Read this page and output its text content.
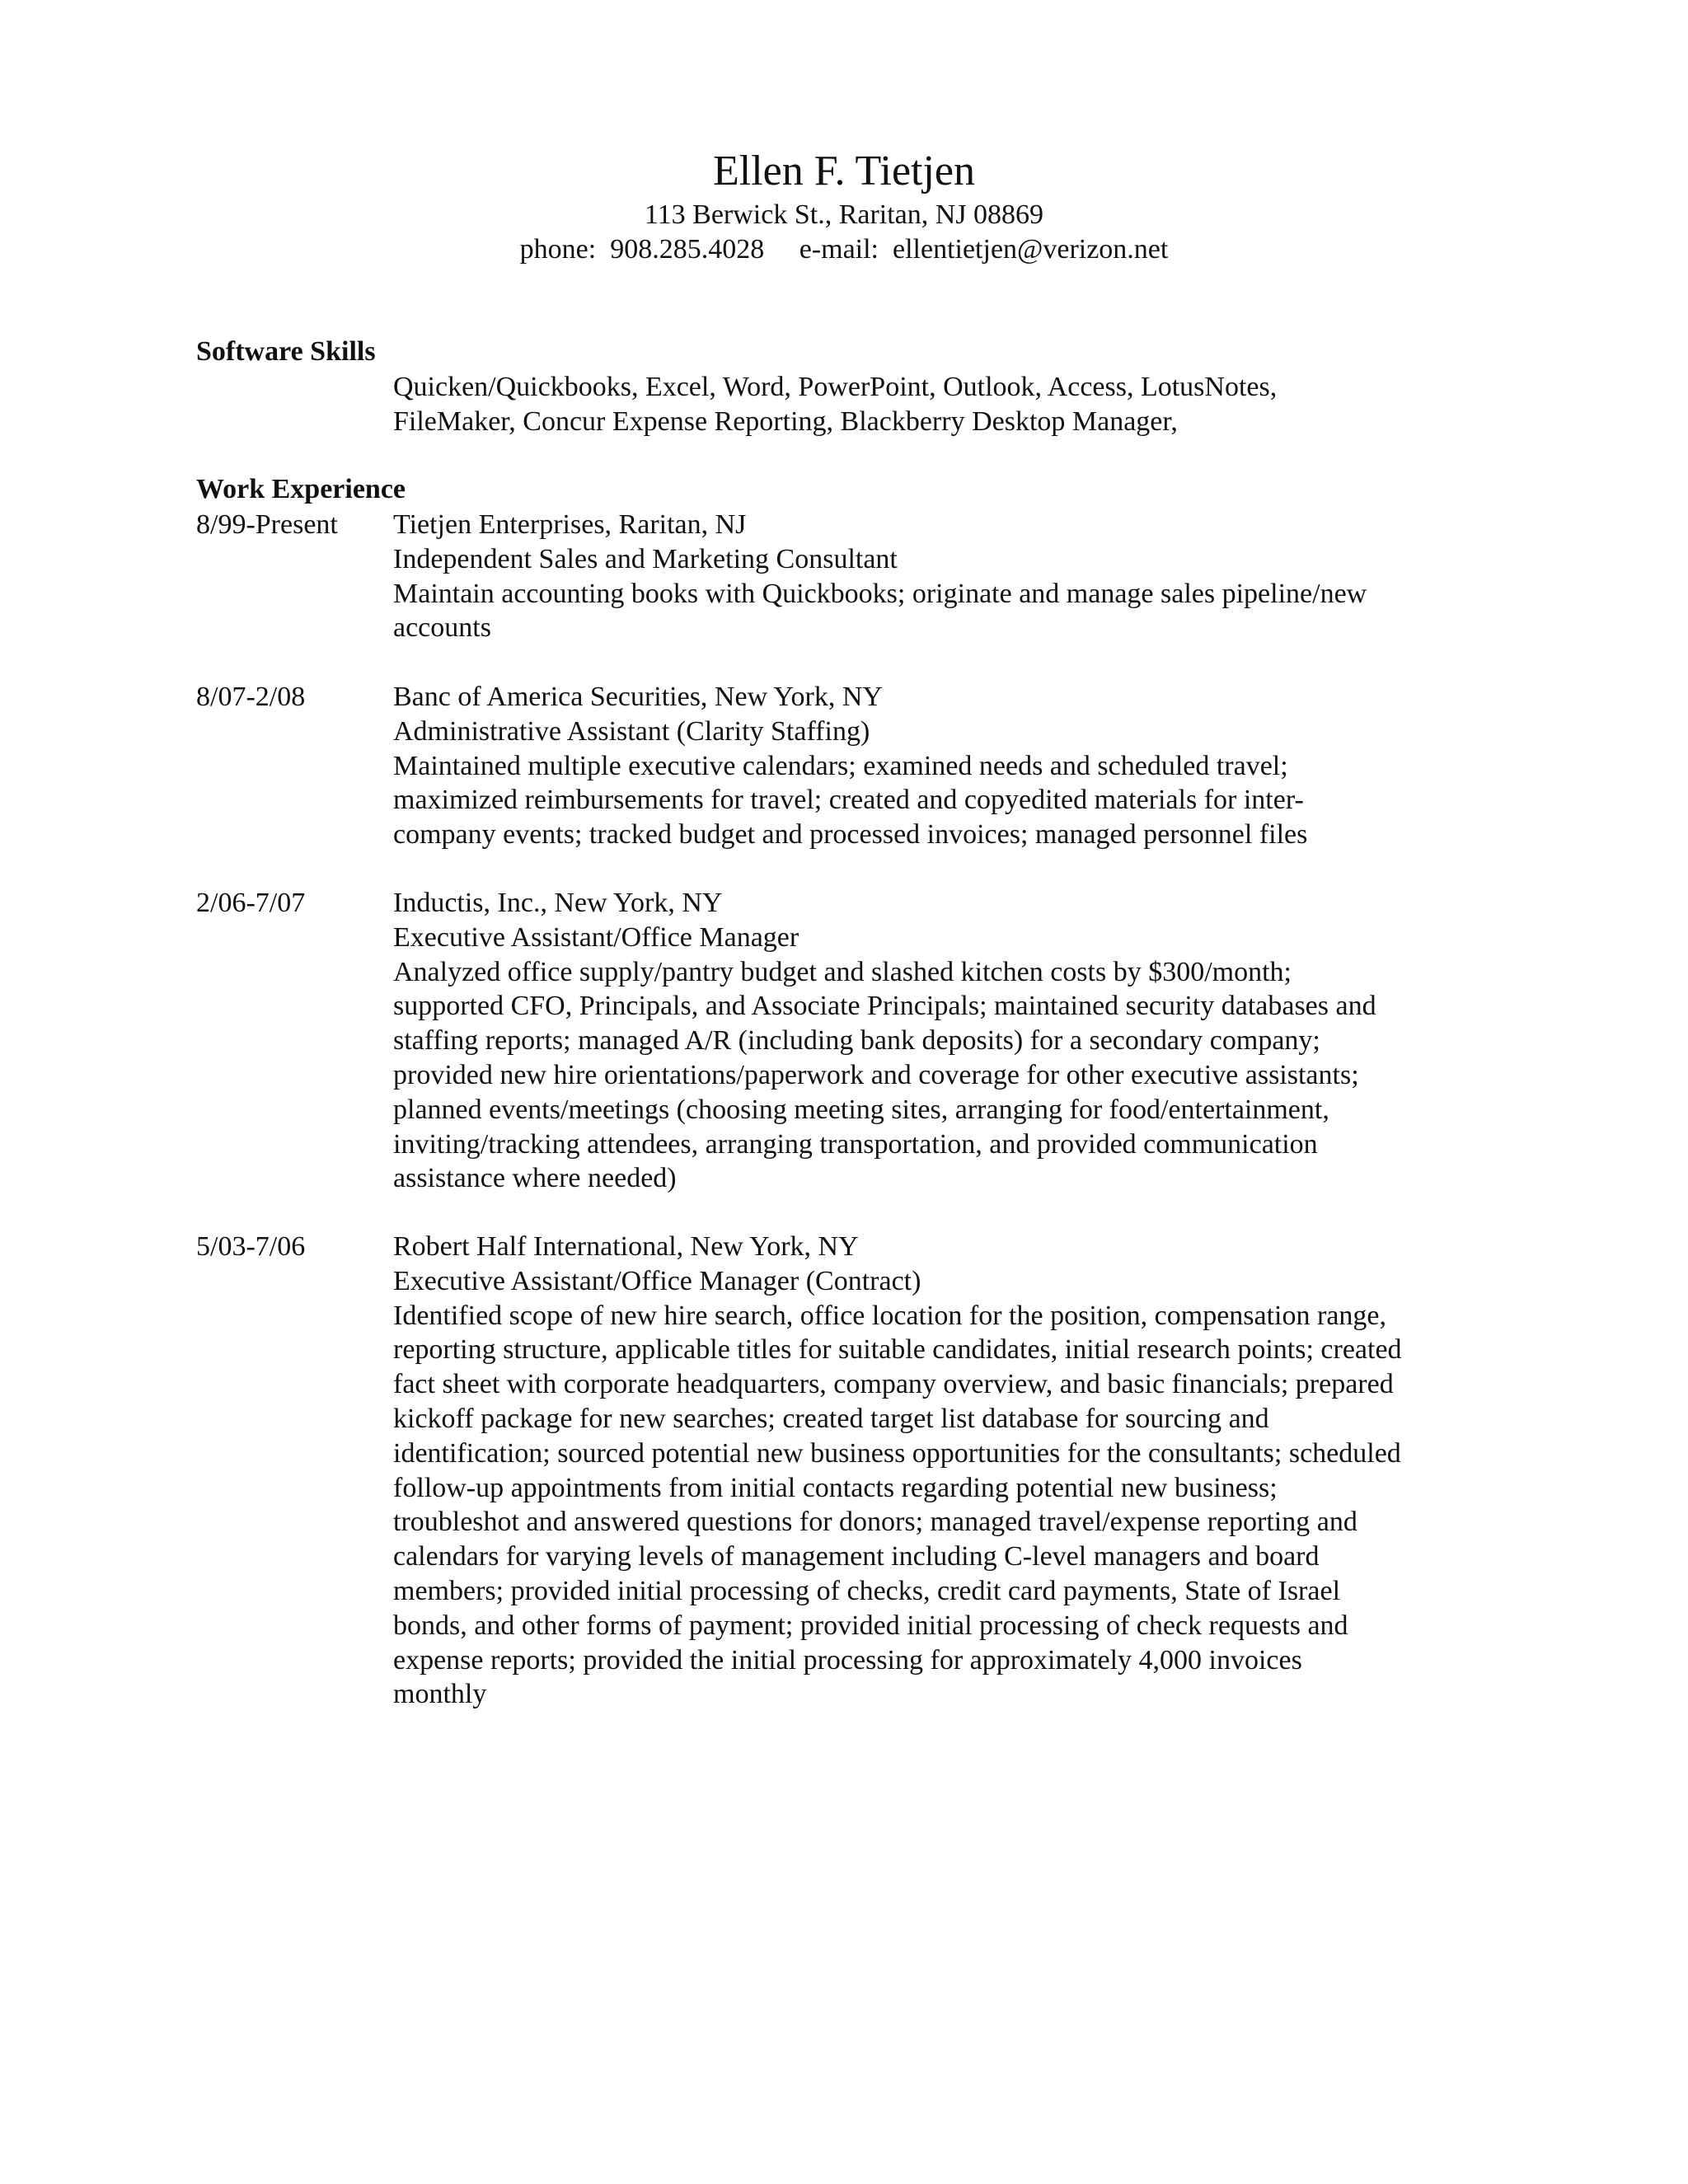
Ellen F. Tietjen
113 Berwick St., Raritan, NJ 08869
phone: 908.285.4028 e-mail: ellentietjen@verizon.net
Software Skills
Quicken/Quickbooks, Excel, Word, PowerPoint, Outlook, Access, LotusNotes,
FileMaker, Concur Expense Reporting, Blackberry Desktop Manager,
Work Experience
8/99-Present Tietjen Enterprises, Raritan, NJ
Independent Sales and Marketing Consultant
Maintain accounting books with Quickbooks; originate and manage sales pipeline/new
accounts
8/07-2/08	Banc of America Securities, New York, NY
Administrative Assistant (Clarity Staffing)
Maintained multiple executive calendars; examined needs and scheduled travel;
maximized reimbursements for travel; created and copyedited materials for inter-
company events; tracked budget and processed invoices; managed personnel files
2/06-7/07	Inductis, Inc., New York, NY
Executive Assistant/Office Manager
Analyzed office supply/pantry budget and slashed kitchen costs by $300/month;
supported CFO, Principals, and Associate Principals; maintained security databases and
staffing reports; managed A/R (including bank deposits) for a secondary company;
provided new hire orientations/paperwork and coverage for other executive assistants;
planned events/meetings (choosing meeting sites, arranging for food/entertainment,
inviting/tracking attendees, arranging transportation, and provided communication
assistance where needed)
5/03-7/06	Robert Half International, New York, NY
Executive Assistant/Office Manager (Contract)
Identified scope of new hire search, office location for the position, compensation range,
reporting structure, applicable titles for suitable candidates, initial research points; created
fact sheet with corporate headquarters, company overview, and basic financials; prepared
kickoff package for new searches; created target list database for sourcing and
identification; sourced potential new business opportunities for the consultants; scheduled
follow-up appointments from initial contacts regarding potential new business;
troubleshot and answered questions for donors; managed travel/expense reporting and
calendars for varying levels of management including C-level managers and board
members; provided initial processing of checks, credit card payments, State of Israel
bonds, and other forms of payment; provided initial processing of check requests and
expense reports; provided the initial processing for approximately 4,000 invoices
monthly
